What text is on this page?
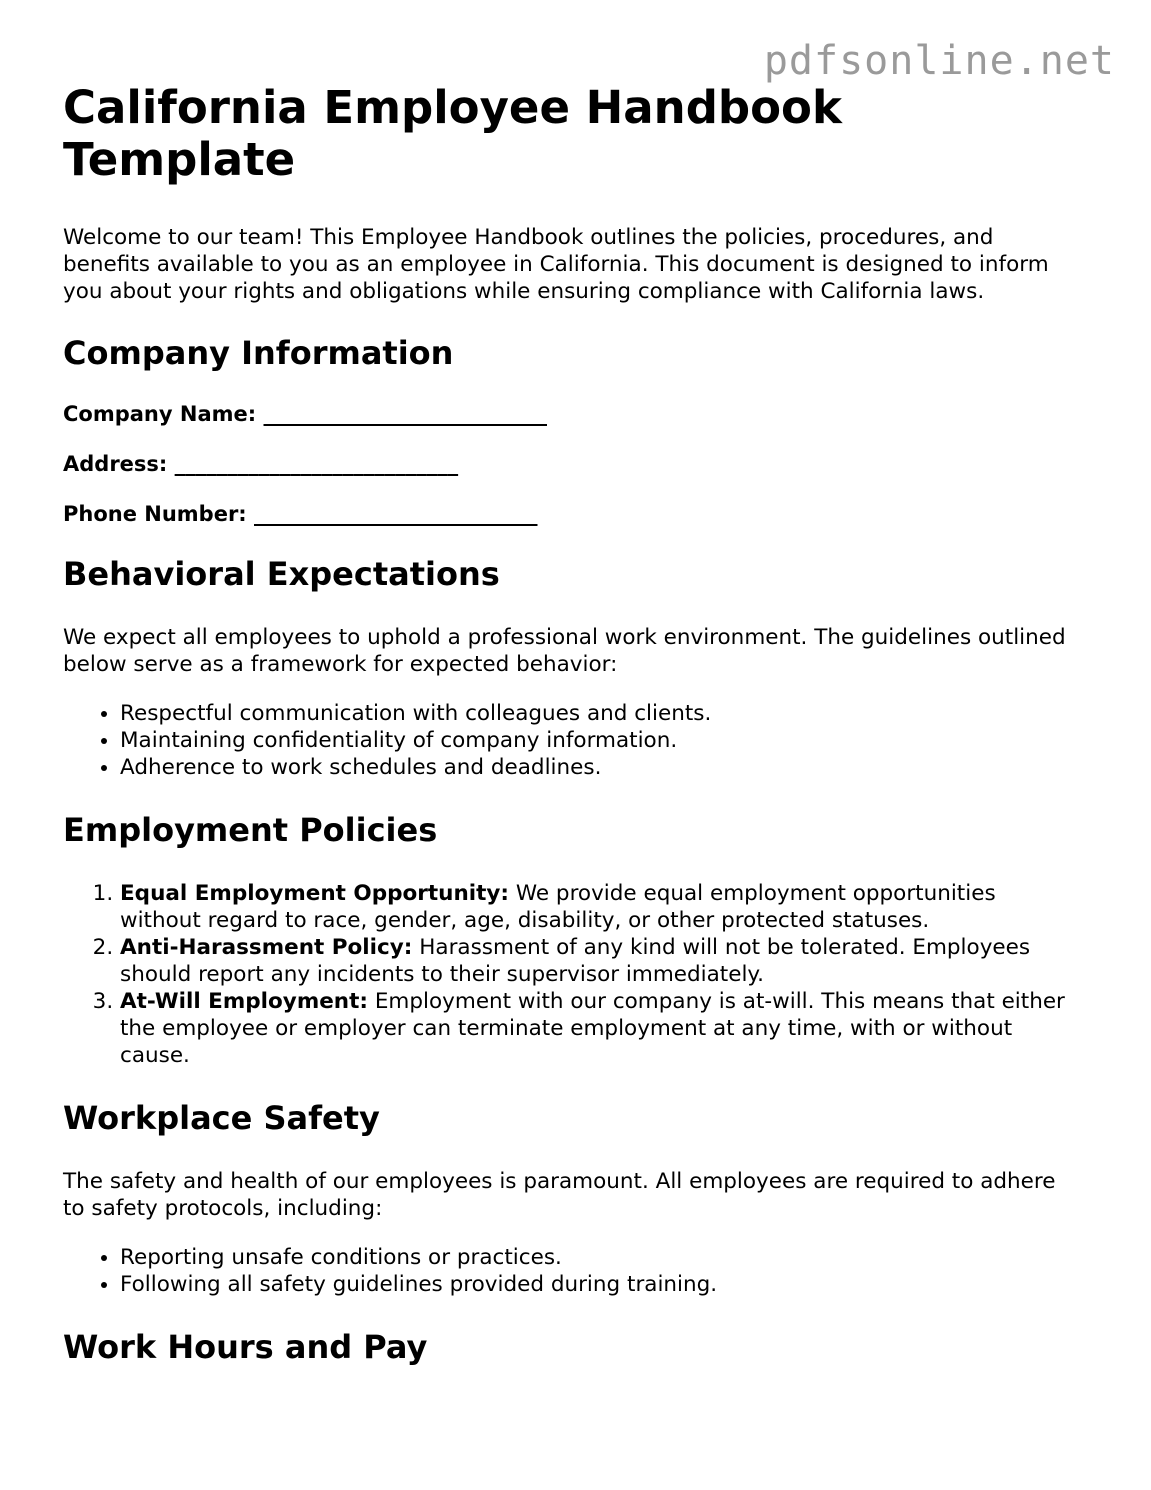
pdfsonline.net
California Employee Handbook Template

Welcome to our team! This Employee Handbook outlines the policies, procedures, and benefits available to you as an employee in California. This document is designed to inform you about your rights and obligations while ensuring compliance with California laws.

Company Information

Company Name: ___________________________

Address: ___________________________

Phone Number: ___________________________

Behavioral Expectations

We expect all employees to uphold a professional work environment. The guidelines outlined below serve as a framework for expected behavior:

• Respectful communication with colleagues and clients.
• Maintaining confidentiality of company information.
• Adherence to work schedules and deadlines.
Employment Policies
1. Equal Employment Opportunity: We provide equal employment opportunities without regard to race, gender, age, disability, or other protected statuses.
2. Anti-Harassment Policy: Harassment of any kind will not be tolerated. Employees should report any incidents to their supervisor immediately.
3. At-Will Employment: Employment with our company is at-will. This means that either the employee or employer can terminate employment at any time, with or without cause.
Workplace Safety

The safety and health of our employees is paramount. All employees are required to adhere to safety protocols, including:

• Reporting unsafe conditions or practices.
• Following all safety guidelines provided during training.
Work Hours and Pay
